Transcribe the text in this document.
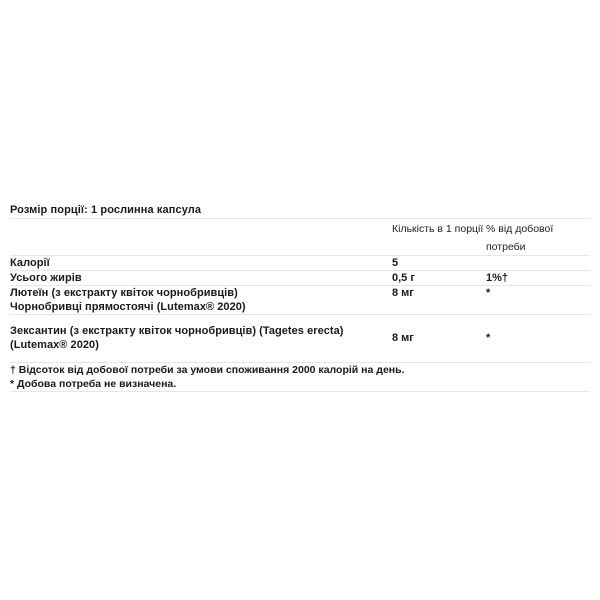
Розмір порції: 1 рослинна капсула		
	Кількість в 1 порції	% від добової потреби

Калорії	5	

Усього жирів	0,5 г	1%†

Лютеїн (з екстракту квіток чорнобривців)
Чорнобривці прямостоячі (Lutemax® 2020)	8 мг	*
Зексантин (з екстракту квіток чорнобривців) (Tagetes erecta) (Lutemax® 2020)	8 мг	*

† Відсоток від добової потреби за умови споживання 2000 калорій на день.
* Добова потреба не визначена.		
